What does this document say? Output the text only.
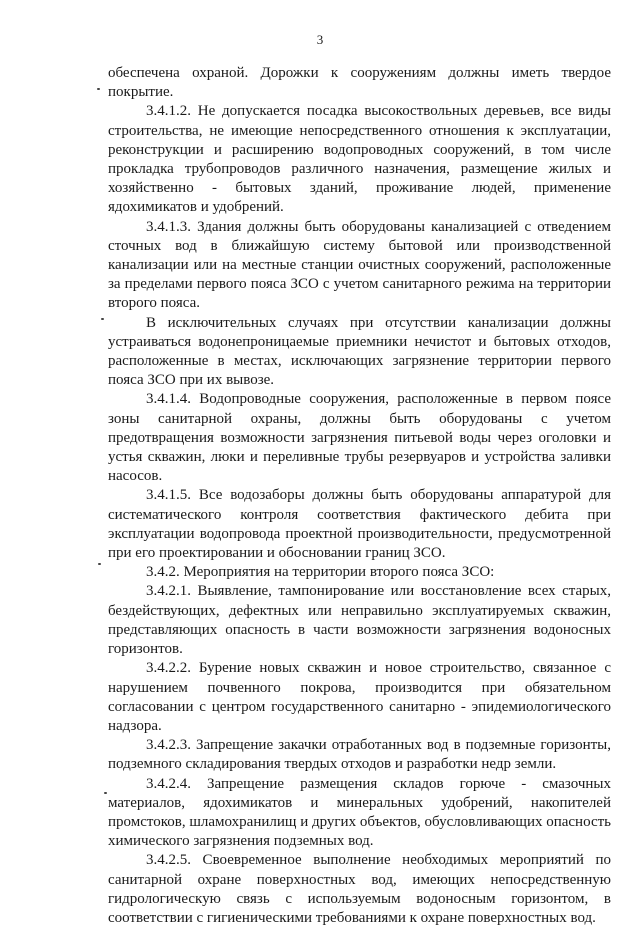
3

обеспечена охраной. Дорожки к сооружениям должны иметь твердое покрытие.

3.4.1.2. Не допускается посадка высокоствольных деревьев, все виды строительства, не имеющие непосредственного отношения к эксплуатации, реконструкции и расширению водопроводных сооружений, в том числе прокладка трубопроводов различного назначения, размещение жилых и хозяйственно - бытовых зданий, проживание людей, применение ядохимикатов и удобрений.

3.4.1.3. Здания должны быть оборудованы канализацией с отведением сточных вод в ближайшую систему бытовой или производственной канализации или на местные станции очистных сооружений, расположенные за пределами первого пояса ЗСО с учетом санитарного режима на территории второго пояса.

В исключительных случаях при отсутствии канализации должны устраиваться водонепроницаемые приемники нечистот и бытовых отходов, расположенные в местах, исключающих загрязнение территории первого пояса ЗСО при их вывозе.

3.4.1.4. Водопроводные сооружения, расположенные в первом поясе зоны санитарной охраны, должны быть оборудованы с учетом предотвращения возможности загрязнения питьевой воды через оголовки и устья скважин, люки и переливные трубы резервуаров и устройства заливки насосов.

3.4.1.5. Все водозаборы должны быть оборудованы аппаратурой для систематического контроля соответствия фактического дебита при эксплуатации водопровода проектной производительности, предусмотренной при его проектировании и обосновании границ ЗСО.

3.4.2. Мероприятия на территории второго пояса ЗСО:

3.4.2.1. Выявление, тампонирование или восстановление всех старых, бездействующих, дефектных или неправильно эксплуатируемых скважин, представляющих опасность в части возможности загрязнения водоносных горизонтов.

3.4.2.2. Бурение новых скважин и новое строительство, связанное с нарушением почвенного покрова, производится при обязательном согласовании с центром государственного санитарно - эпидемиологического надзора.

3.4.2.3. Запрещение закачки отработанных вод в подземные горизонты, подземного складирования твердых отходов и разработки недр земли.

3.4.2.4. Запрещение размещения складов горюче - смазочных материалов, ядохимикатов и минеральных удобрений, накопителей промстоков, шламохранилищ и других объектов, обусловливающих опасность химического загрязнения подземных вод.

3.4.2.5. Своевременное выполнение необходимых мероприятий по санитарной охране поверхностных вод, имеющих непосредственную гидрологическую связь с используемым водоносным горизонтом, в соответствии с гигиеническими требованиями к охране поверхностных вод.
